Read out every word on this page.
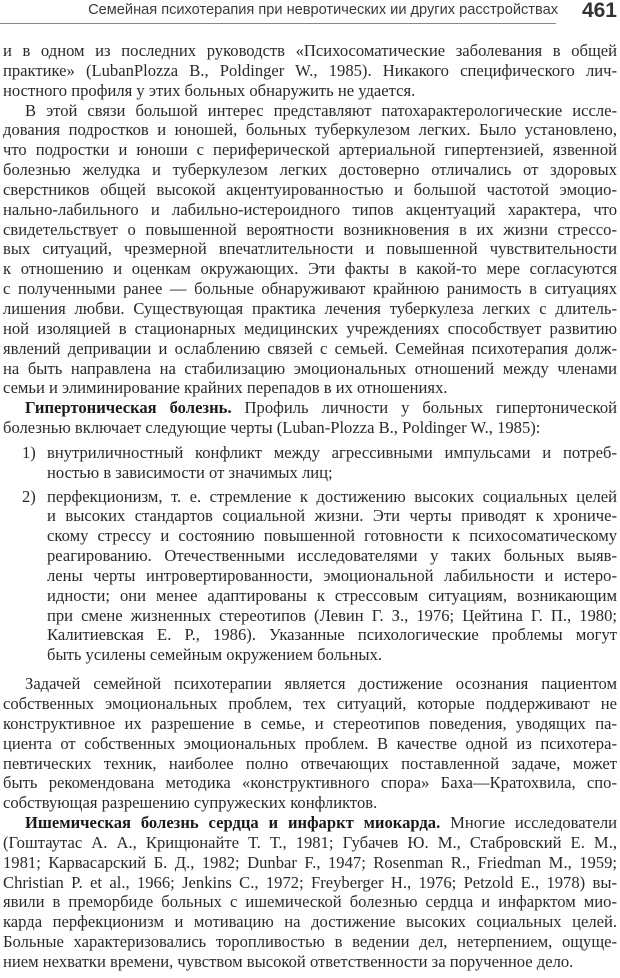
Семейная психотерапия при невротических ии других расстройствах 461
и в одном из последних руководств «Психосоматические заболевания в общей
практике» (LubanPlozza B., Poldinger W., 1985). Никакого специфического лич-
ностного профиля у этих больных обнаружить не удается.
В этой связи большой интерес представляют патохарактерологические иссле-
дования подростков и юношей, больных туберкулезом легких. Было установлено,
что подростки и юноши с периферической артериальной гипертензией, язвенной
болезнью желудка и туберкулезом легких достоверно отличались от здоровых
сверстников общей высокой акцентуированностью и большой частотой эмоцио-
нально-лабильного и лабильно-истероидного типов акцентуаций характера, что
свидетельствует о повышенной вероятности возникновения в их жизни стрессо-
вых ситуаций, чрезмерной впечатлительности и повышенной чувствительности
к отношению и оценкам окружающих. Эти факты в какой-то мере согласуются
с полученными ранее — больные обнаруживают крайнюю ранимость в ситуациях
лишения любви. Существующая практика лечения туберкулеза легких с длитель-
ной изоляцией в стационарных медицинских учреждениях способствует развитию
явлений депривации и ослаблению связей с семьей. Семейная психотерапия долж-
на быть направлена на стабилизацию эмоциональных отношений между членами
семьи и элиминирование крайних перепадов в их отношениях.
Гипертоническая болезнь. Профиль личности у больных гипертонической
болезнью включает следующие черты (Luban-Plozza B., Poldinger W., 1985):
1) внутриличностный конфликт между агрессивными импульсами и потреб-
ностью в зависимости от значимых лиц;
2) перфекционизм, т. е. стремление к достижению высоких социальных целей
и высоких стандартов социальной жизни. Эти черты приводят к хрониче-
скому стрессу и состоянию повышенной готовности к психосоматическому
реагированию. Отечественными исследователями у таких больных выяв-
лены черты интровертированности, эмоциональной лабильности и истеро-
идности; они менее адаптированы к стрессовым ситуациям, возникающим
при смене жизненных стереотипов (Левин Г. З., 1976; Цейтина Г. П., 1980;
Калитиевская Е. Р., 1986). Указанные психологические проблемы могут
быть усилены семейным окружением больных.
Задачей семейной психотерапии является достижение осознания пациентом
собственных эмоциональных проблем, тех ситуаций, которые поддерживают не
конструктивное их разрешение в семье, и стереотипов поведения, уводящих па-
циента от собственных эмоциональных проблем. В качестве одной из психотера-
певтических техник, наиболее полно отвечающих поставленной задаче, может
быть рекомендована методика «конструктивного спора» Баха—Кратохвила, спо-
собствующая разрешению супружеских конфликтов.
Ишемическая болезнь сердца и инфаркт миокарда. Многие исследователи
(Гоштаутас А. А., Крищюнайте Т. Т., 1981; Губачев Ю. М., Стабровский Е. М.,
1981; Карвасарский Б. Д., 1982; Dunbar F., 1947; Rosenman R., Friedman M., 1959;
Christian P. et al., 1966; Jenkins C., 1972; Freyberger H., 1976; Petzold E., 1978) вы-
явили в преморбиде больных с ишемической болезнью сердца и инфарктом мио-
карда перфекционизм и мотивацию на достижение высоких социальных целей.
Больные характеризовались торопливостью в ведении дел, нетерпением, ощуще-
нием нехватки времени, чувством высокой ответственности за порученное дело.
